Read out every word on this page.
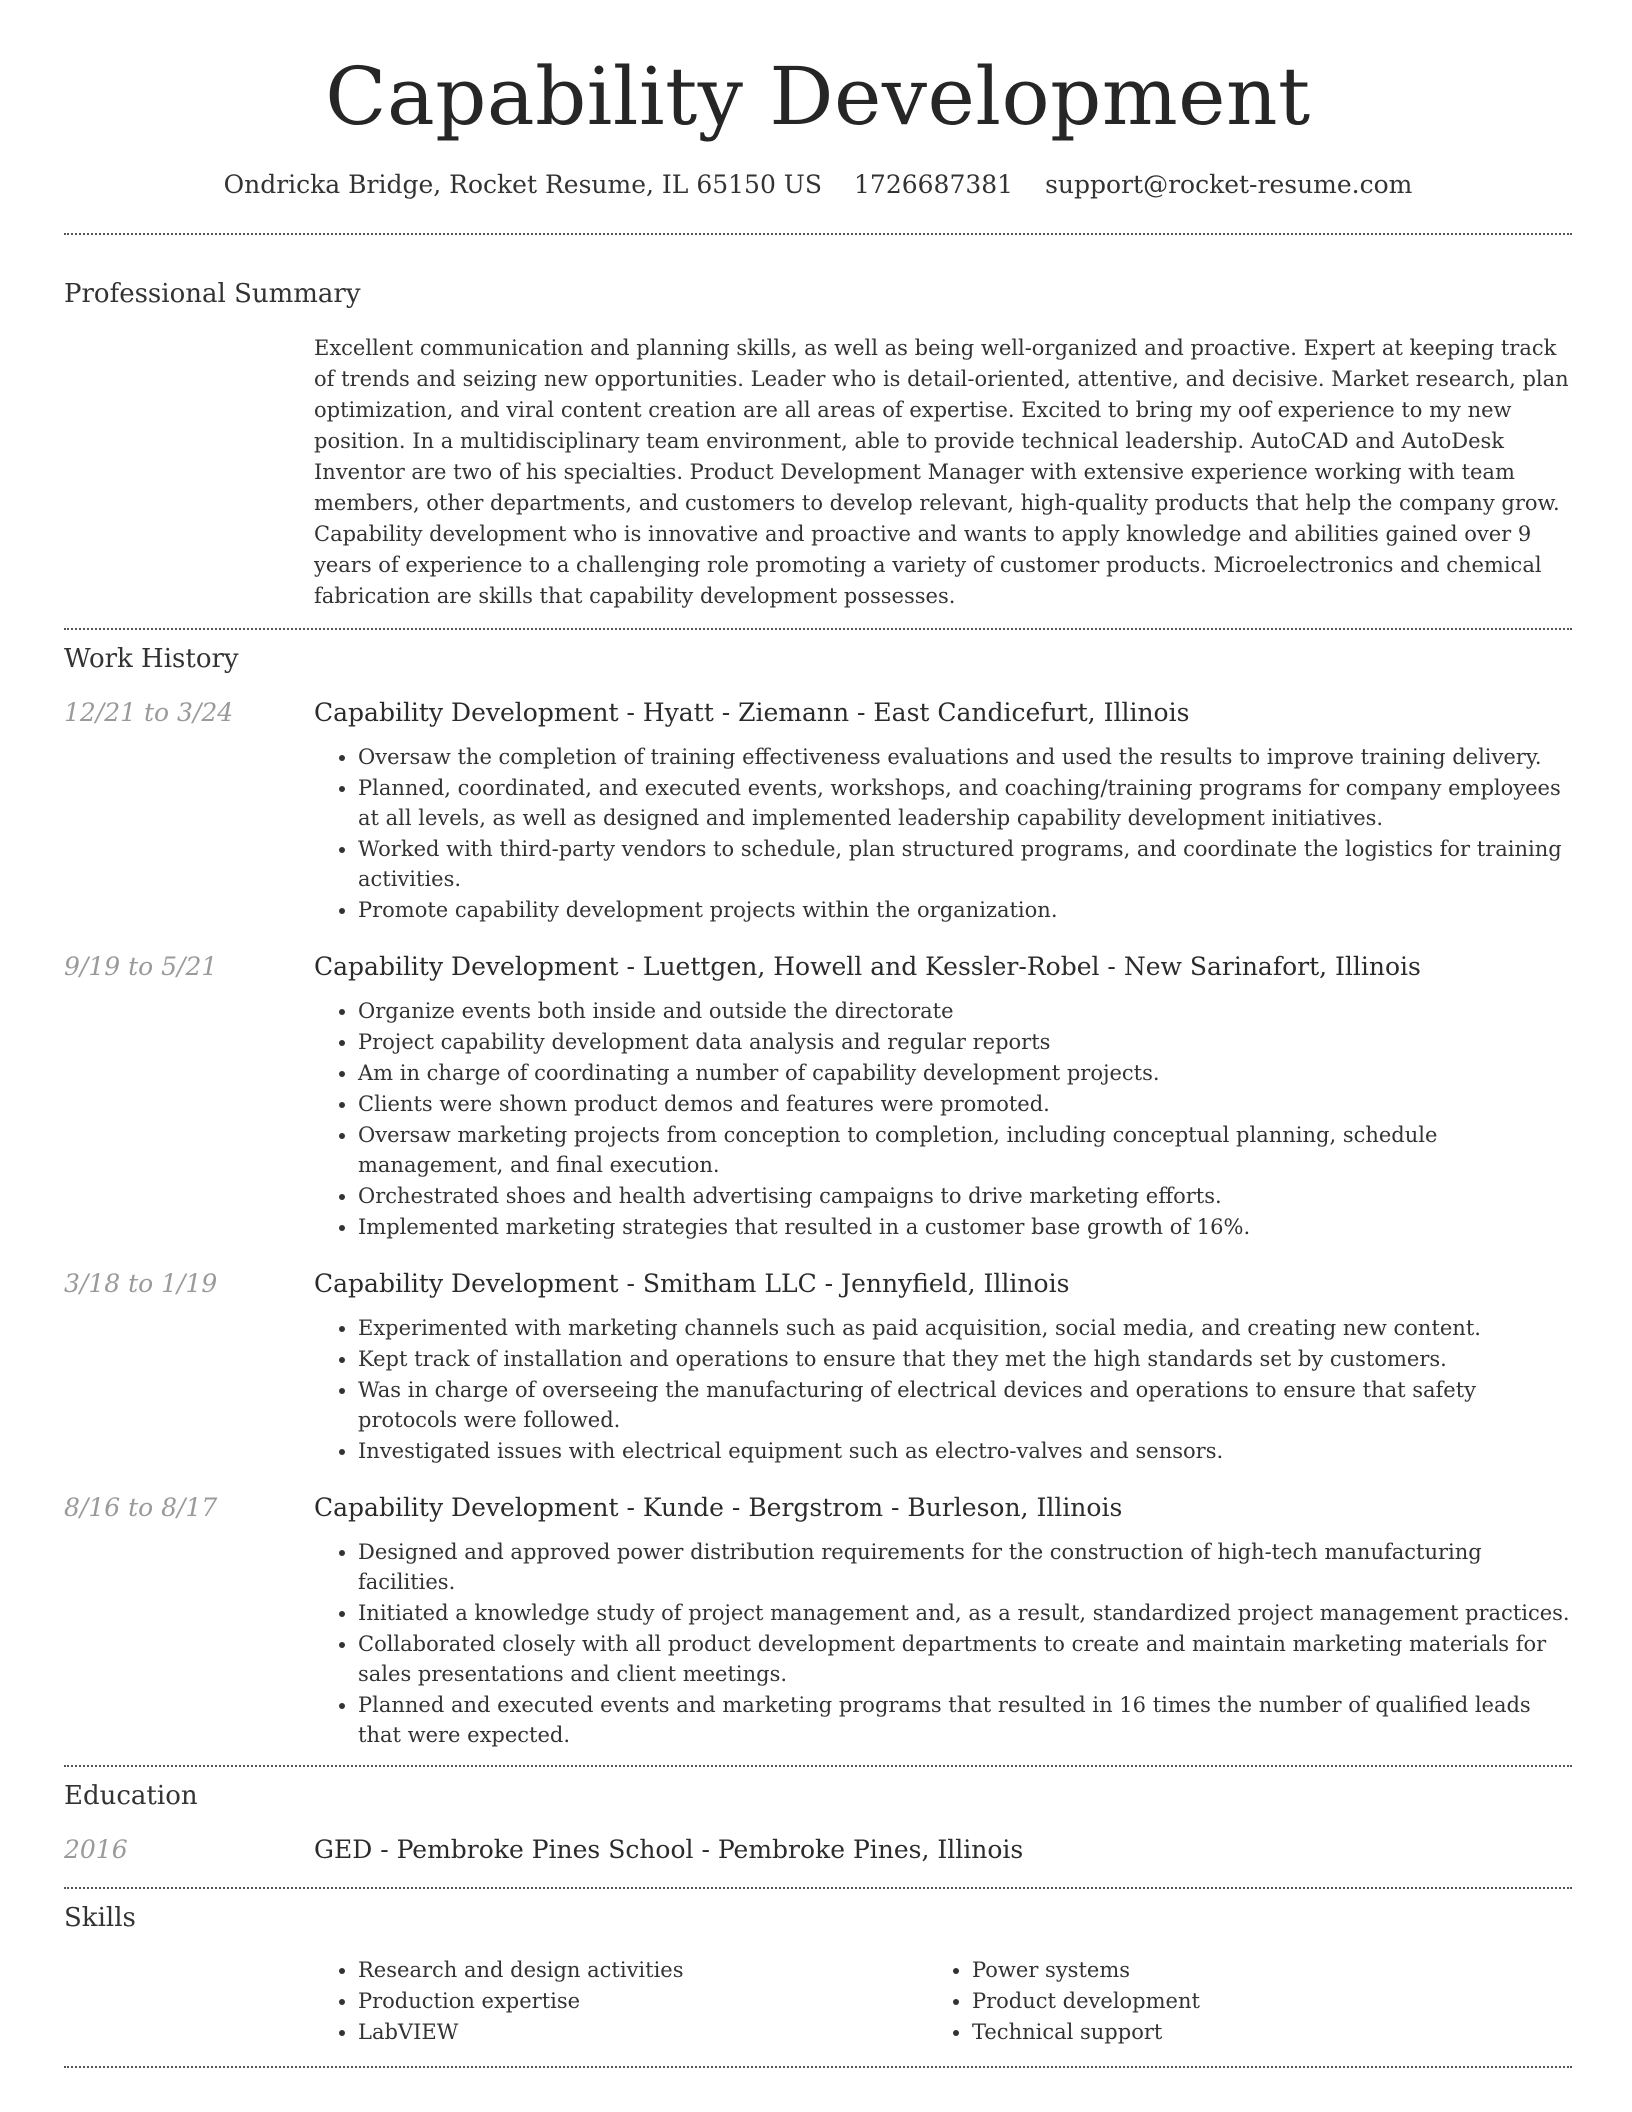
Capability Development
Ondricka Bridge, Rocket Resume, IL 65150 US 1726687381 support@rocket-resume.com
Professional Summary

Excellent communication and planning skills, as well as being well-organized and proactive. Expert at keeping track of trends and seizing new opportunities. Leader who is detail-oriented, attentive, and decisive. Market research, plan optimization, and viral content creation are all areas of expertise. Excited to bring my oof experience to my new position. In a multidisciplinary team environment, able to provide technical leadership. AutoCAD and AutoDesk Inventor are two of his specialties. Product Development Manager with extensive experience working with team members, other departments, and customers to develop relevant, high-quality products that help the company grow. Capability development who is innovative and proactive and wants to apply knowledge and abilities gained over 9 years of experience to a challenging role promoting a variety of customer products. Microelectronics and chemical fabrication are skills that capability development possesses.

Work History
12/21 to 3/24	Capability Development - Hyatt - Ziemann - East Candicefurt, Illinois
• Oversaw the completion of training effectiveness evaluations and used the results to improve training delivery.
• Planned, coordinated, and executed events, workshops, and coaching/training programs for company employees at all levels, as well as designed and implemented leadership capability development initiatives.
• Worked with third-party vendors to schedule, plan structured programs, and coordinate the logistics for training activities.
• Promote capability development projects within the organization.
9/19 to 5/21	Capability Development - Luettgen, Howell and Kessler-Robel - New Sarinafort, Illinois
• Organize events both inside and outside the directorate
• Project capability development data analysis and regular reports
• Am in charge of coordinating a number of capability development projects.
• Clients were shown product demos and features were promoted.
• Oversaw marketing projects from conception to completion, including conceptual planning, schedule management, and final execution.
• Orchestrated shoes and health advertising campaigns to drive marketing efforts.
• Implemented marketing strategies that resulted in a customer base growth of 16%.
3/18 to 1/19	Capability Development - Smitham LLC - Jennyfield, Illinois
• Experimented with marketing channels such as paid acquisition, social media, and creating new content.
• Kept track of installation and operations to ensure that they met the high standards set by customers.
• Was in charge of overseeing the manufacturing of electrical devices and operations to ensure that safety protocols were followed.
• Investigated issues with electrical equipment such as electro-valves and sensors.
8/16 to 8/17	Capability Development - Kunde - Bergstrom - Burleson, Illinois
• Designed and approved power distribution requirements for the construction of high-tech manufacturing facilities.
• Initiated a knowledge study of project management and, as a result, standardized project management practices.
• Collaborated closely with all product development departments to create and maintain marketing materials for sales presentations and client meetings.
• Planned and executed events and marketing programs that resulted in 16 times the number of qualified leads that were expected.
Education
2016	GED - Pembroke Pines School - Pembroke Pines, Illinois
Skills
• Research and design activities
• Production expertise
• LabVIEW
• Power systems
• Product development
• Technical support
